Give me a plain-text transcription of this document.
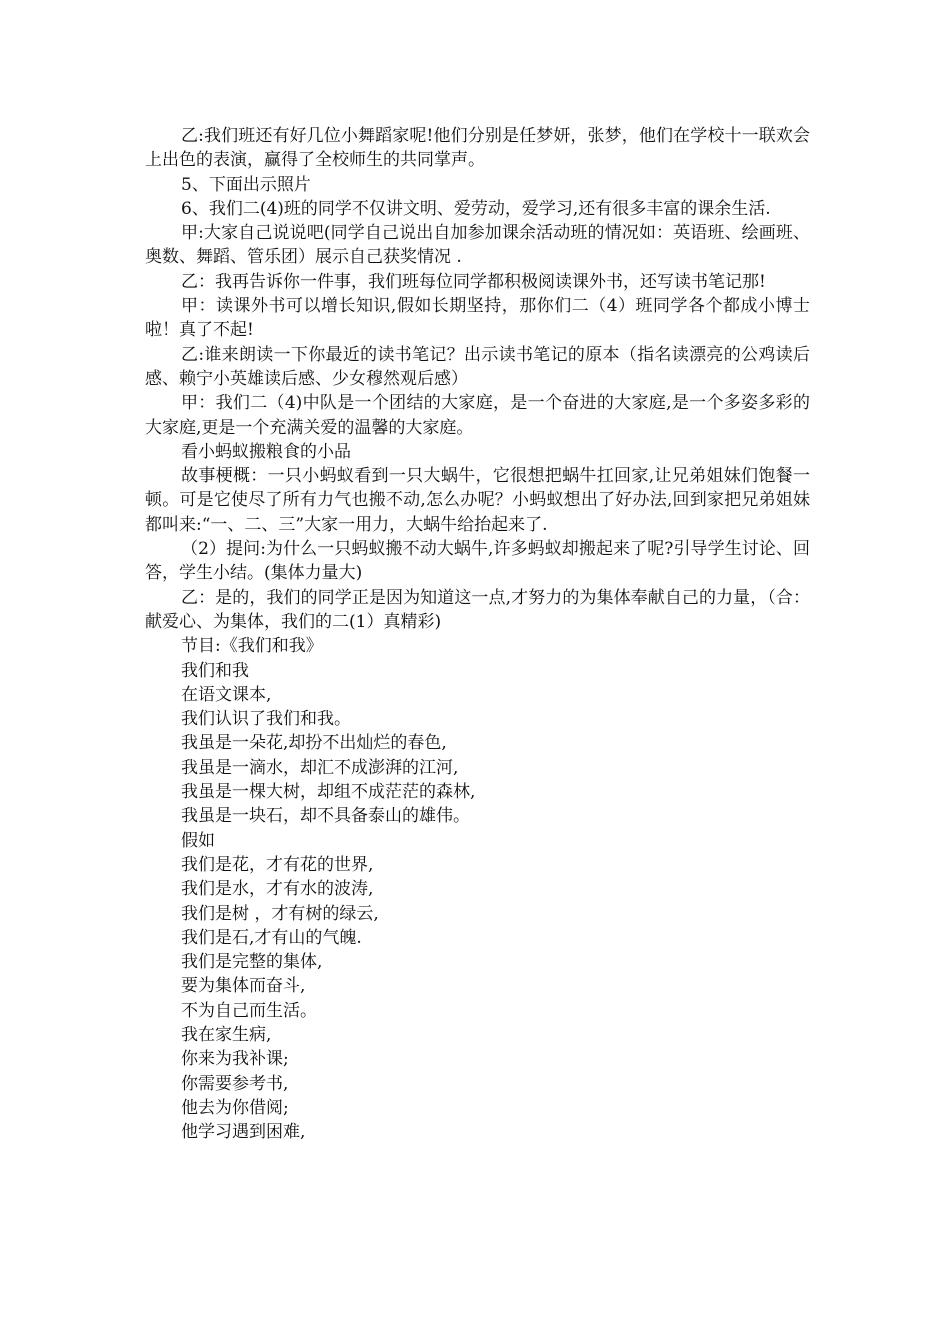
乙:我们班还有好几位小舞蹈家呢!他们分别是任梦妍，张梦，他们在学校十一联欢会上出色的表演，赢得了全校师生的共同掌声。

5、下面出示照片

6、我们二(4)班的同学不仅讲文明、爱劳动，爱学习,还有很多丰富的课余生活.

甲:大家自己说说吧(同学自己说出自加参加课余活动班的情况如：英语班、绘画班、奥数、舞蹈、管乐团）展示自己获奖情况 .

乙：我再告诉你一件事，我们班每位同学都积极阅读课外书，还写读书笔记那!

甲：读课外书可以增长知识,假如长期坚持，那你们二（4）班同学各个都成小博士啦！真了不起!

乙:谁来朗读一下你最近的读书笔记？出示读书笔记的原本（指名读漂亮的公鸡读后感、赖宁小英雄读后感、少女穆然观后感）

甲：我们二（4)中队是一个团结的大家庭，是一个奋进的大家庭,是一个多姿多彩的大家庭,更是一个充满关爱的温馨的大家庭。

看小蚂蚁搬粮食的小品

故事梗概：一只小蚂蚁看到一只大蜗牛，它很想把蜗牛扛回家,让兄弟姐妹们饱餐一顿。可是它使尽了所有力气也搬不动,怎么办呢？小蚂蚁想出了好办法,回到家把兄弟姐妹都叫来:“一、二、三”大家一用力，大蜗牛给抬起来了.

（2）提问:为什么一只蚂蚁搬不动大蜗牛,许多蚂蚁却搬起来了呢?引导学生讨论、回答，学生小结。(集体力量大)

乙：是的，我们的同学正是因为知道这一点,才努力的为集体奉献自己的力量，（合：献爱心、为集体，我们的二(1）真精彩)

节目:《我们和我》

我们和我

在语文课本,

我们认识了我们和我。

我虽是一朵花,却扮不出灿烂的春色,

我虽是一滴水，却汇不成澎湃的江河,

我虽是一棵大树，却组不成茫茫的森林,

我虽是一块石，却不具备泰山的雄伟。

假如

我们是花，才有花的世界,

我们是水，才有水的波涛,

我们是树 ，才有树的绿云,

我们是石,才有山的气魄.

我们是完整的集体,

要为集体而奋斗,

不为自己而生活。

我在家生病,

你来为我补课;

你需要参考书,

他去为你借阅;

他学习遇到困难,
